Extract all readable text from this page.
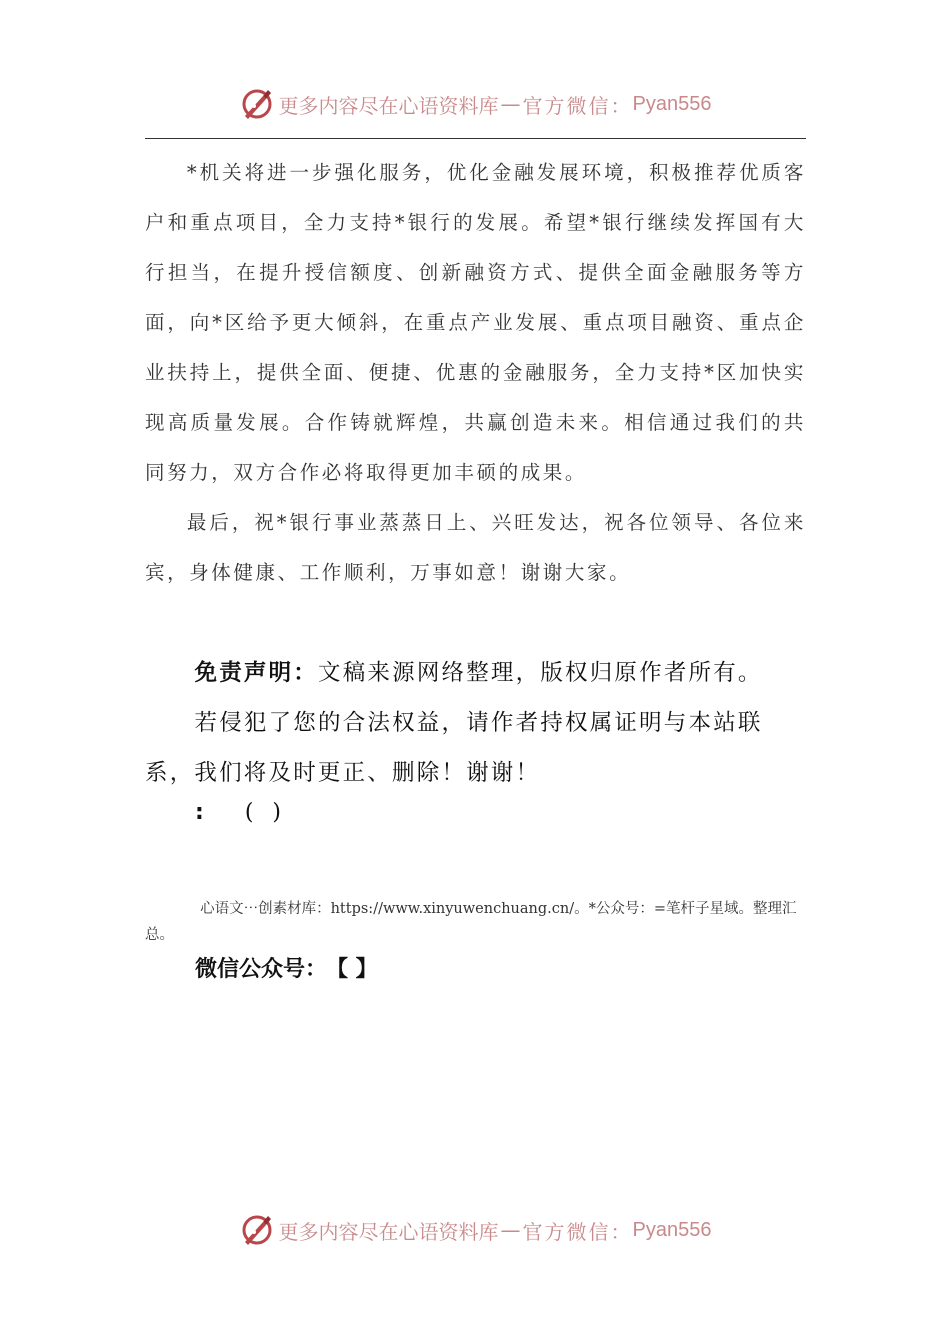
更多内容尽在心语资料库 — 官方微信： Pyan556

*机关将进一步强化服务，优化金融发展环境，积极推荐优质客户和重点项目，全力支持*银行的发展。希望*银行继续发挥国有大行担当，在提升授信额度、创新融资方式、提供全面金融服务等方面，向*区给予更大倾斜，在重点产业发展、重点项目融资、重点企业扶持上，提供全面、便捷、优惠的金融服务，全力支持*区加快实现高质量发展。合作铸就辉煌，共赢创造未来。相信通过我们的共同努力，双方合作必将取得更加丰硕的成果。

最后，祝*银行事业蒸蒸日上、兴旺发达，祝各位领导、各位来宾，身体健康、工作顺利，万事如意！谢谢大家。

免责声明：文稿来源网络整理，版权归原作者所有。

若侵犯了您的合法权益，请作者持权属证明与本站联系，我们将及时更正、删除！谢谢！

: ( )
心语文⋯创素材库：https://www.xinyuwenchuang.cn/。*公众号：=笔杆子星域。整理汇总。
微信公众号： 【 】
更多内容尽在心语资料库 — 官方微信： Pyan556
